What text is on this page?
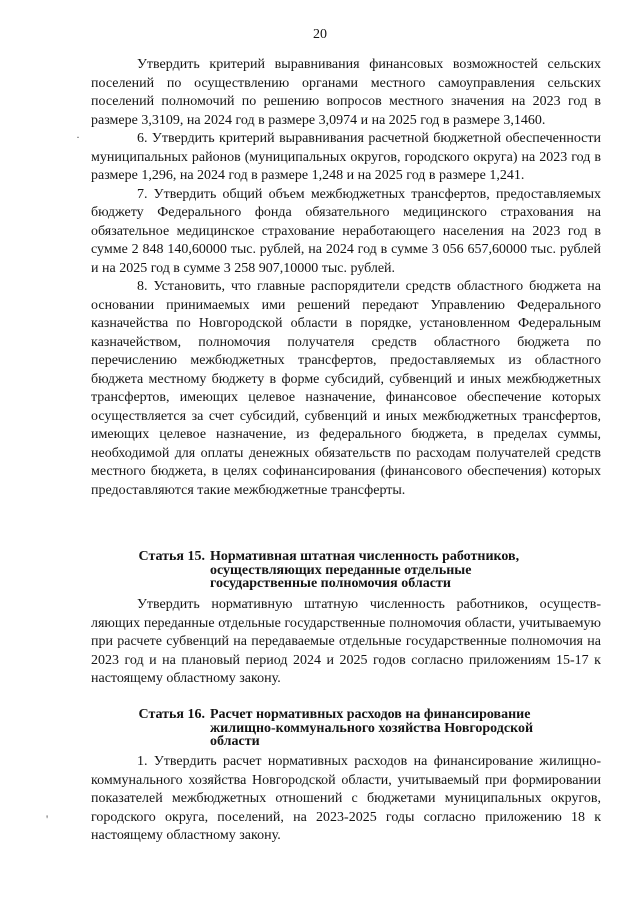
20
·
'

Утвердить критерий выравнивания финансовых возможностей сельских поселений по осуществлению органами местного самоуправления сельских поселений полномочий по решению вопросов местного значения на 2023 год в размере 3,3109, на 2024 год в размере 3,0974 и на 2025 год в размере 3,1460.

6. Утвердить критерий выравнивания расчетной бюджетной обеспеченности муниципальных районов (муниципальных округов, городского округа) на 2023 год в размере 1,296, на 2024 год в размере 1,248 и на 2025 год в размере 1,241.

7. Утвердить общий объем межбюджетных трансфертов, предоставляемых бюджету Федерального фонда обязательного медицинского страхования на обязательное медицинское страхование неработающего населения на 2023 год в сумме 2 848 140,60000 тыс. рублей, на 2024 год в сумме 3 056 657,60000 тыс. рублей и на 2025 год в сумме 3 258 907,10000 тыс. рублей.

8. Установить, что главные распорядители средств областного бюджета на основании принимаемых ими решений передают Управлению Федерального казначейства по Новгородской области в порядке, установленном Федеральным казначейством, полномочия получателя средств областного бюджета по перечислению межбюджетных трансфертов, предоставляемых из областного бюджета местному бюджету в форме субсидий, субвенций и иных межбюджетных трансфертов, имеющих целевое назначение, финансовое обеспечение которых осуществляется за счет субсидий, субвенций и иных межбюджетных трансфертов, имеющих целевое назначение, из федерального бюджета, в пределах суммы, необходимой для оплаты денежных обязательств по расходам получателей средств местного бюджета, в целях софинансирования (финансового обеспечения) которых предоставляются такие межбюджетные трансферты.

Статья 15. Нормативная штатная численность работников,
осуществляющих переданные отдельные
государственные полномочия области

Утвердить нормативную штатную численность работников, осуществляющих переданные отдельные государственные полномочия области, учитываемую при расчете субвенций на передаваемые отдельные государственные полномочия на 2023 год и на плановый период 2024 и 2025 годов согласно приложениям 15-17 к настоящему областному закону.

Статья 16. Расчет нормативных расходов на финансирование
жилищно-коммунального хозяйства Новгородской
области

1. Утвердить расчет нормативных расходов на финансирование жилищно-коммунального хозяйства Новгородской области, учитываемый при формировании показателей межбюджетных отношений с бюджетами муниципальных округов, городского округа, поселений, на 2023-2025 годы согласно приложению 18 к настоящему областному закону.
